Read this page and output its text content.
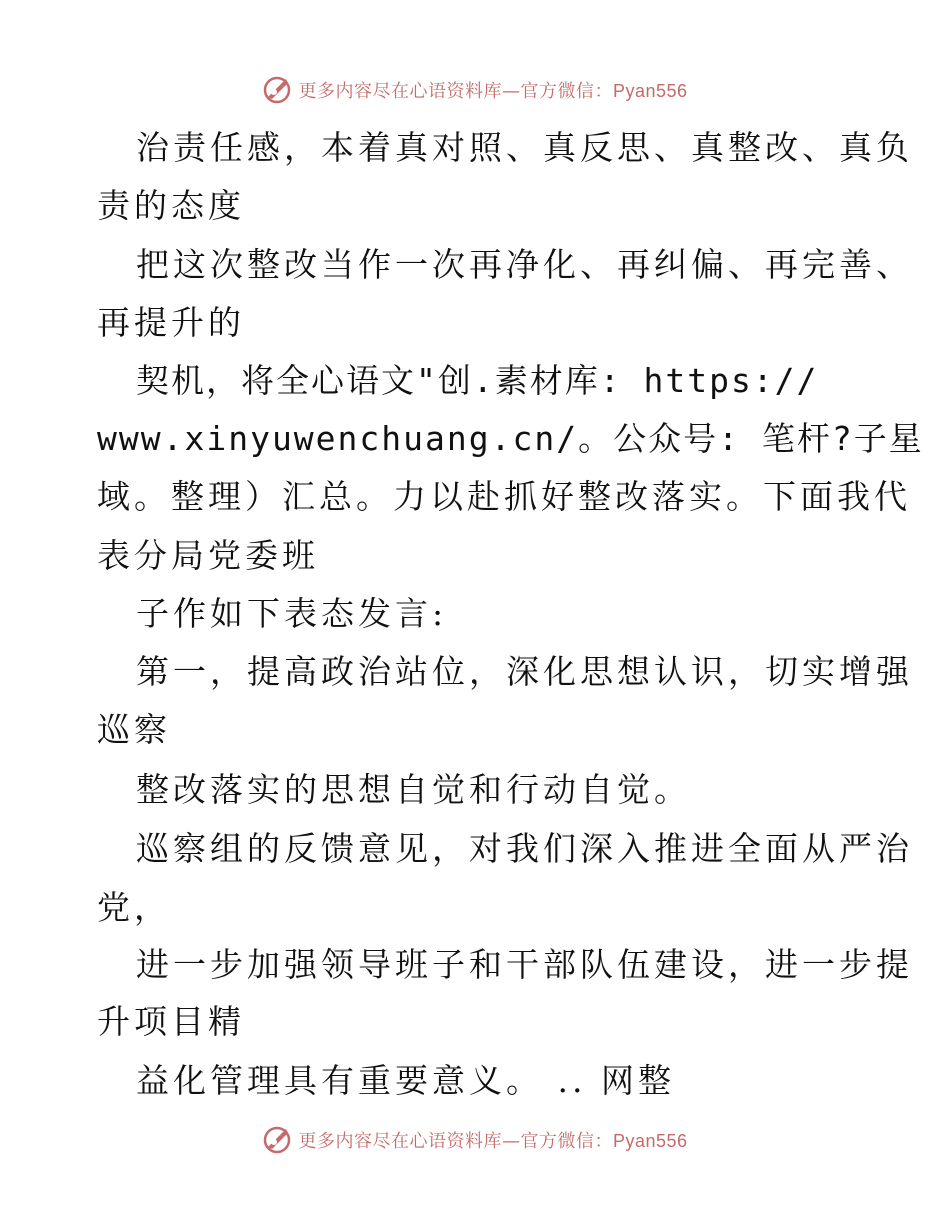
更多内容尽在心语资料库—官方微信：Pyan556
治责任感，本着真对照、真反思、真整改、真负
责的态度
把这次整改当作一次再净化、再纠偏、再完善、
再提升的
契机，将全心语文"创.素材库: https://
www.xinyuwenchuang.cn/。公众号: 笔杆?子星
域。整理）汇总。力以赴抓好整改落实。下面我代
表分局党委班
子作如下表态发言:
第一，提高政治站位，深化思想认识，切实增强
巡察
整改落实的思想自觉和行动自觉。
巡察组的反馈意见，对我们深入推进全面从严治
党，
进一步加强领导班子和干部队伍建设，进一步提
升项目精
益化管理具有重要意义。 .. 网整
更多内容尽在心语资料库—官方微信：Pyan556
